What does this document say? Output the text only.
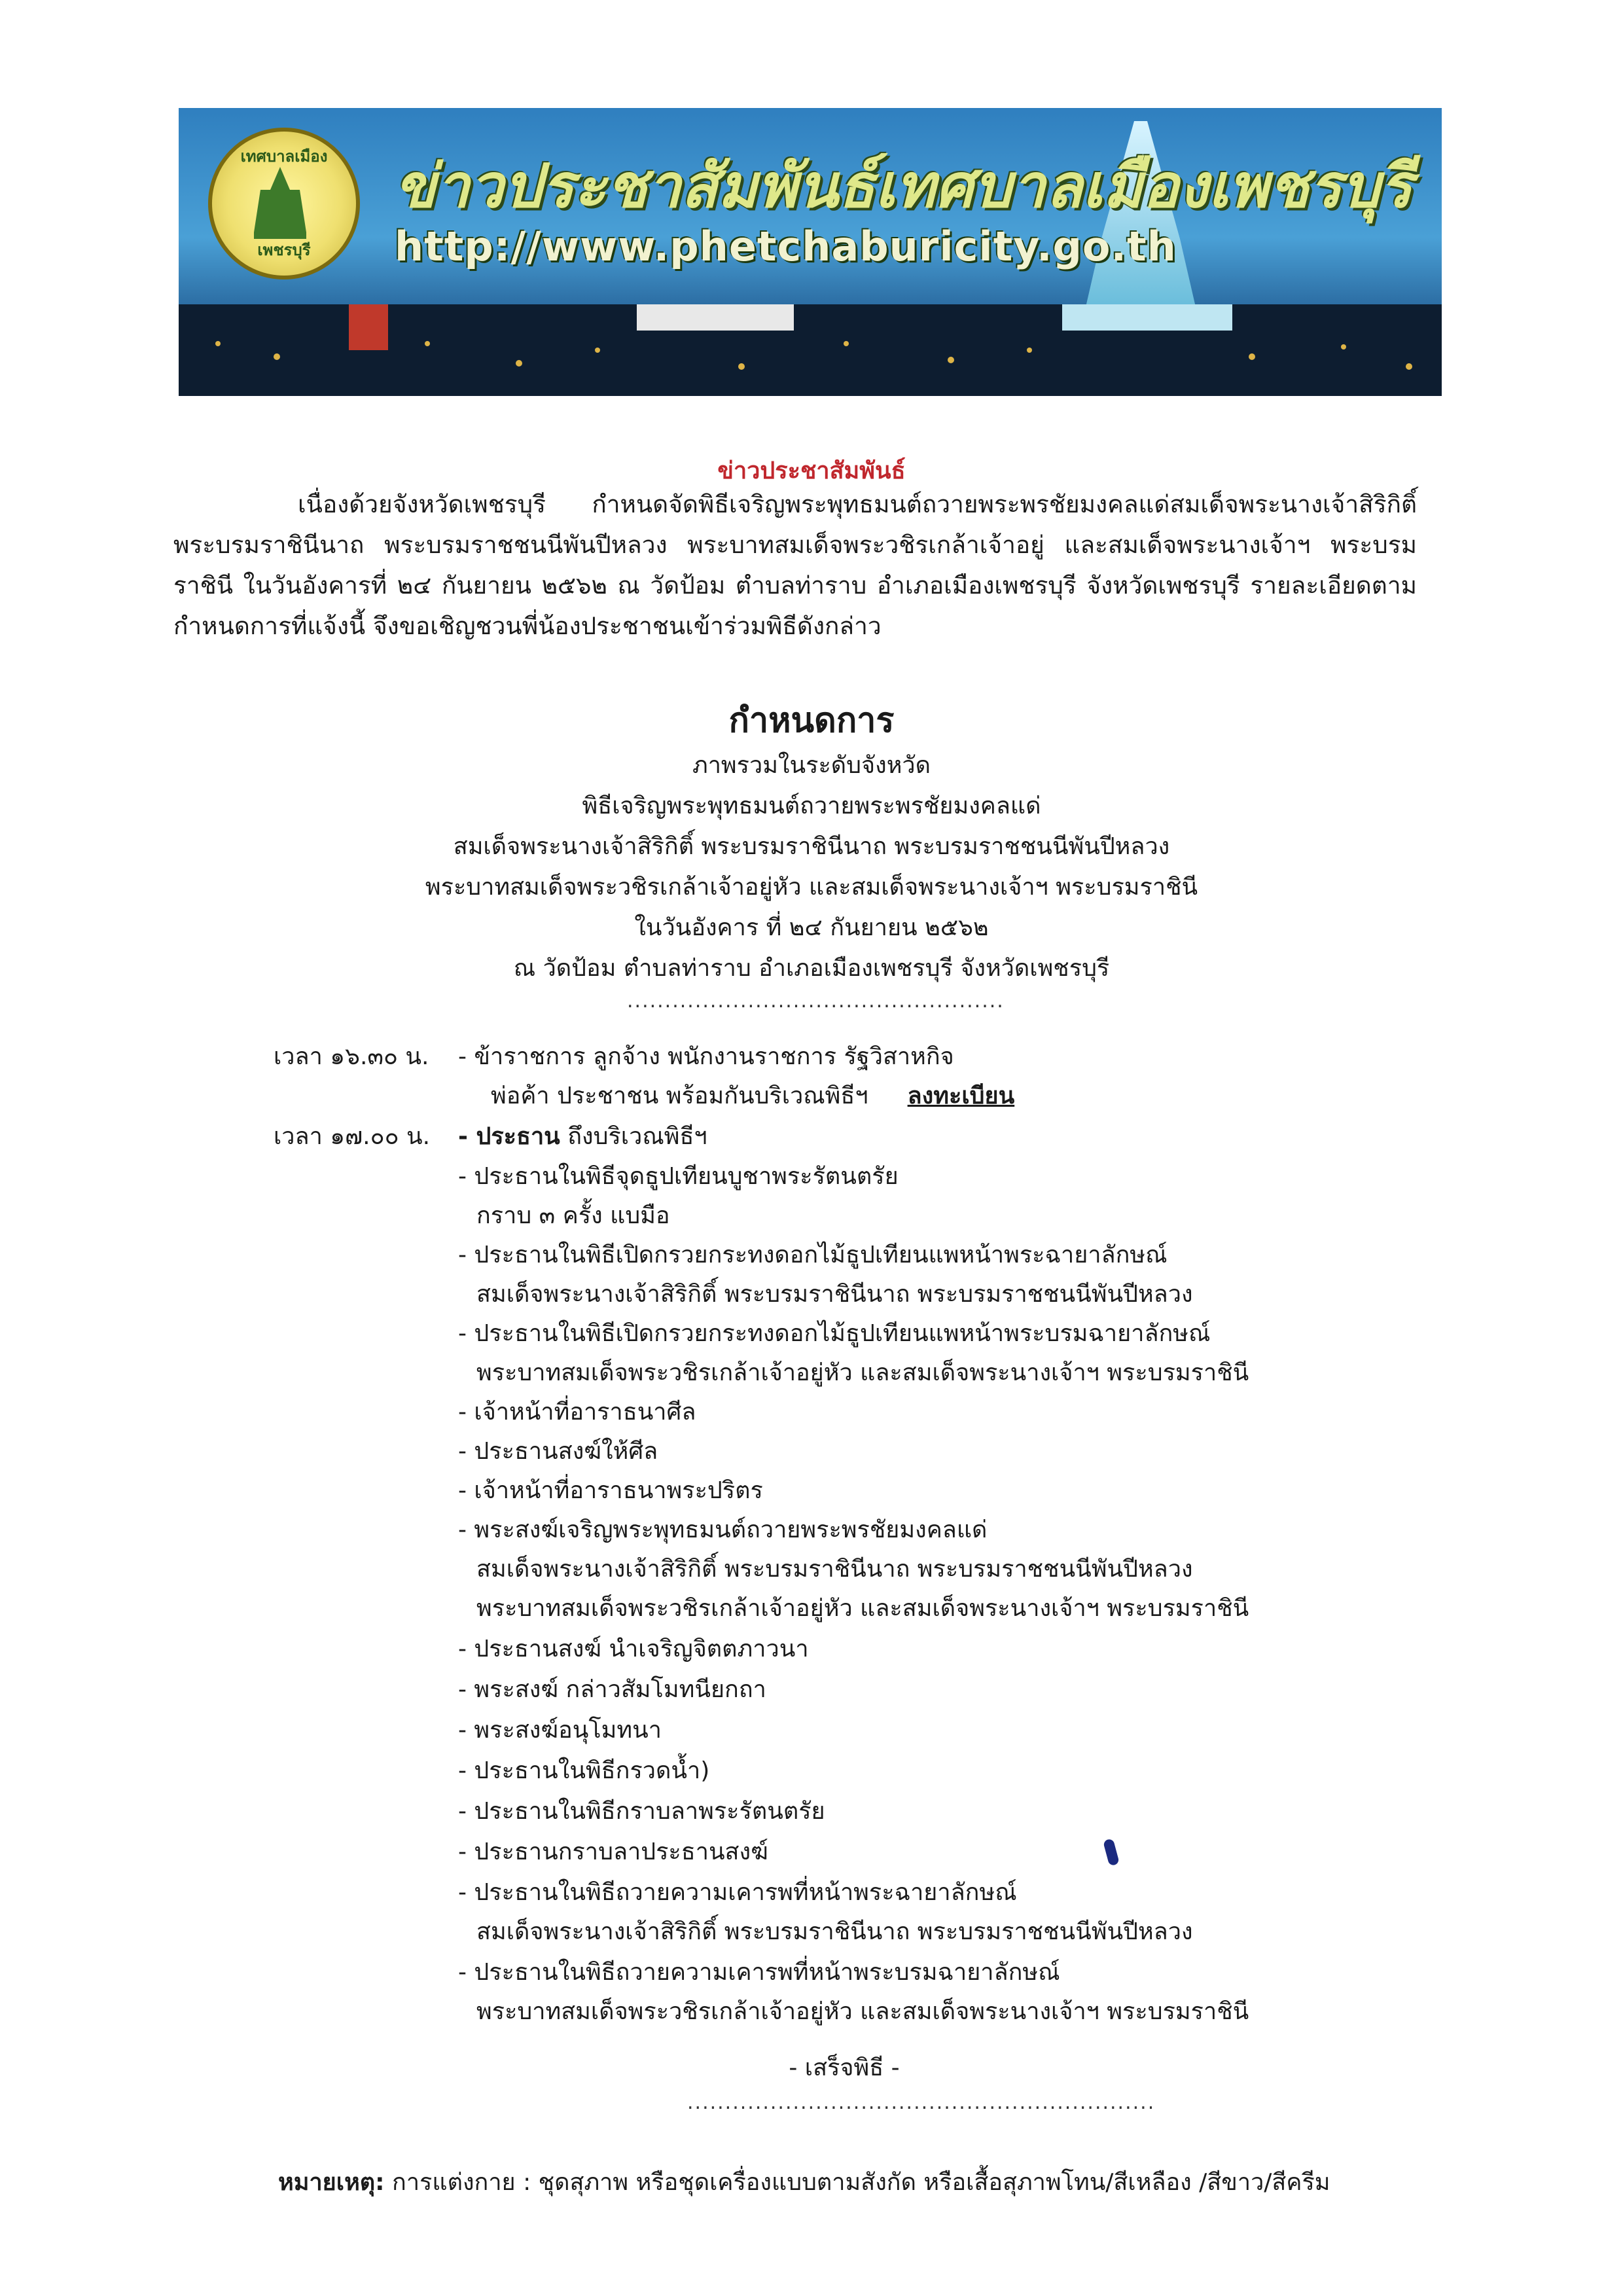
เทศบาลเมือง
เพชรบุรี
ข่าวประชาสัมพันธ์เทศบาลเมืองเพชรบุรี
http://www.phetchaburicity.go.th
ข่าวประชาสัมพันธ์

เนื่องด้วยจังหวัดเพชรบุรี กำหนดจัดพิธีเจริญพระพุทธมนต์ถวายพระพรชัยมงคลแด่สมเด็จพระนางเจ้าสิริกิติ์ พระบรมราชินีนาถ พระบรมราชชนนีพันปีหลวง พระบาทสมเด็จพระวชิรเกล้าเจ้าอยู่ และสมเด็จพระนางเจ้าฯ พระบรมราชินี ในวันอังคารที่ ๒๔ กันยายน ๒๕๖๒ ณ วัดป้อม ตำบลท่าราบ อำเภอเมืองเพชรบุรี จังหวัดเพชรบุรี รายละเอียดตามกำหนดการที่แจ้งนี้ จึงขอเชิญชวนพี่น้องประชาชนเข้าร่วมพิธีดังกล่าว

กำหนดการ
ภาพรวมในระดับจังหวัด
พิธีเจริญพระพุทธมนต์ถวายพระพรชัยมงคลแด่
สมเด็จพระนางเจ้าสิริกิติ์ พระบรมราชินีนาถ พระบรมราชชนนีพันปีหลวง
พระบาทสมเด็จพระวชิรเกล้าเจ้าอยู่หัว และสมเด็จพระนางเจ้าฯ พระบรมราชินี
ในวันอังคาร ที่ ๒๔ กันยายน ๒๕๖๒
ณ วัดป้อม ตำบลท่าราบ อำเภอเมืองเพชรบุรี จังหวัดเพชรบุรี
..................................................
เวลา ๑๖.๓๐ น. - ข้าราชการ ลูกจ้าง พนักงานราชการ รัฐวิสาหกิจ
พ่อค้า ประชาชน พร้อมกันบริเวณพิธีฯ ลงทะเบียน
เวลา ๑๗.๐๐ น. - ประธาน ถึงบริเวณพิธีฯ
- ประธานในพิธีจุดธูปเทียนบูชาพระรัตนตรัย
กราบ ๓ ครั้ง แบมือ
- ประธานในพิธีเปิดกรวยกระทงดอกไม้ธูปเทียนแพหน้าพระฉายาลักษณ์
สมเด็จพระนางเจ้าสิริกิติ์ พระบรมราชินีนาถ พระบรมราชชนนีพันปีหลวง
- ประธานในพิธีเปิดกรวยกระทงดอกไม้ธูปเทียนแพหน้าพระบรมฉายาลักษณ์
พระบาทสมเด็จพระวชิรเกล้าเจ้าอยู่หัว และสมเด็จพระนางเจ้าฯ พระบรมราชินี
- เจ้าหน้าที่อาราธนาศีล
- ประธานสงฆ์ให้ศีล
- เจ้าหน้าที่อาราธนาพระปริตร
- พระสงฆ์เจริญพระพุทธมนต์ถวายพระพรชัยมงคลแด่
สมเด็จพระนางเจ้าสิริกิติ์ พระบรมราชินีนาถ พระบรมราชชนนีพันปีหลวง
พระบาทสมเด็จพระวชิรเกล้าเจ้าอยู่หัว และสมเด็จพระนางเจ้าฯ พระบรมราชินี
- ประธานสงฆ์ นำเจริญจิตตภาวนา
- พระสงฆ์ กล่าวสัมโมทนียกถา
- พระสงฆ์อนุโมทนา
- ประธานในพิธีกรวดน้ำ)
- ประธานในพิธีกราบลาพระรัตนตรัย
- ประธานกราบลาประธานสงฆ์
- ประธานในพิธีถวายความเคารพที่หน้าพระฉายาลักษณ์
สมเด็จพระนางเจ้าสิริกิติ์ พระบรมราชินีนาถ พระบรมราชชนนีพันปีหลวง
- ประธานในพิธีถวายความเคารพที่หน้าพระบรมฉายาลักษณ์
พระบาทสมเด็จพระวชิรเกล้าเจ้าอยู่หัว และสมเด็จพระนางเจ้าฯ พระบรมราชินี
- เสร็จพิธี -
..............................................................
หมายเหตุ: การแต่งกาย : ชุดสุภาพ หรือชุดเครื่องแบบตามสังกัด หรือเสื้อสุภาพโทน/สีเหลือง /สีขาว/สีครีม
